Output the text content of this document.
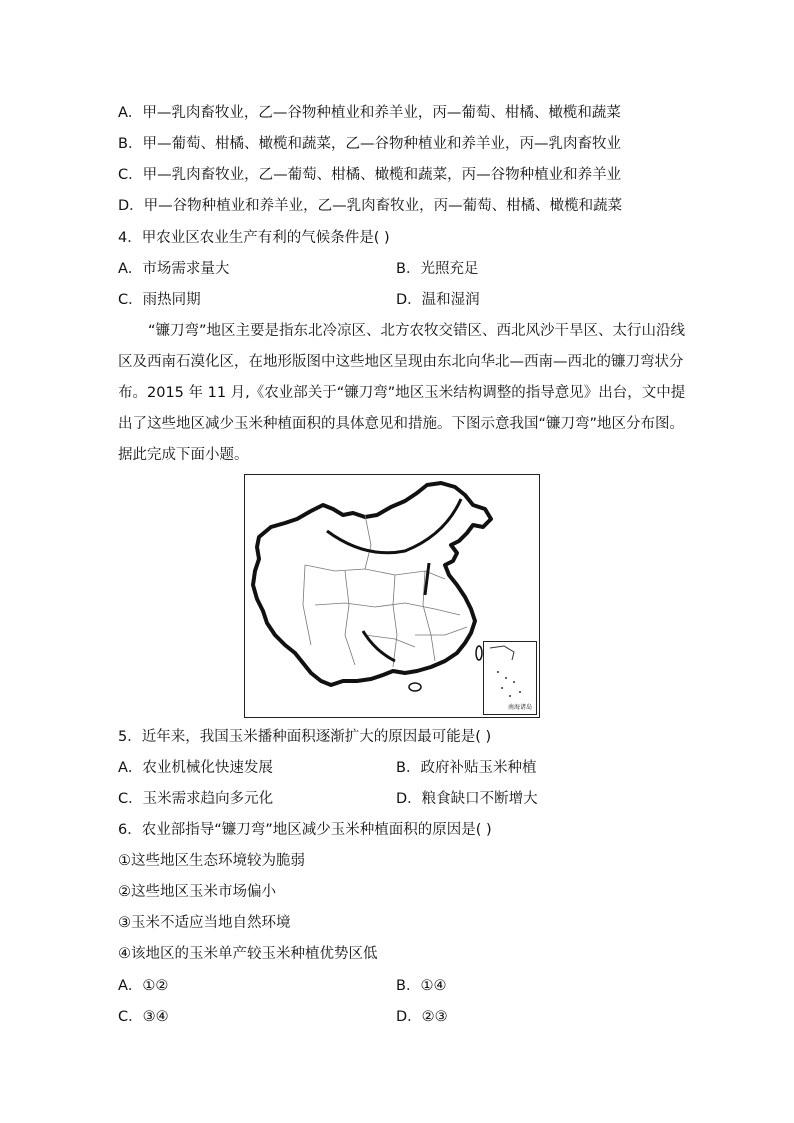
A．甲—乳肉畜牧业，乙—谷物种植业和养羊业，丙—葡萄、柑橘、橄榄和蔬菜
B．甲—葡萄、柑橘、橄榄和蔬菜，乙—谷物种植业和养羊业，丙—乳肉畜牧业
C．甲—乳肉畜牧业，乙—葡萄、柑橘、橄榄和蔬菜，丙—谷物种植业和养羊业
D．甲—谷物种植业和养羊业，乙—乳肉畜牧业，丙—葡萄、柑橘、橄榄和蔬菜
4．甲农业区农业生产有利的气候条件是( )
A．市场需求量大	B．光照充足
C．雨热同期	D．温和湿润
“镰刀弯”地区主要是指东北冷凉区、北方农牧交错区、西北风沙干旱区、太行山沿线
区及西南石漠化区，在地形版图中这些地区呈现由东北向华北—西南—西北的镰刀弯状分
布。2015 年 11 月,《农业部关于“镰刀弯”地区玉米结构调整的指导意见》出台，文中提
出了这些地区减少玉米种植面积的具体意见和措施。下图示意我国“镰刀弯”地区分布图。
据此完成下面小题。
南海诸岛
5．近年来，我国玉米播种面积逐渐扩大的原因最可能是( )
A．农业机械化快速发展	B．政府补贴玉米种植
C．玉米需求趋向多元化	D．粮食缺口不断增大
6．农业部指导“镰刀弯”地区减少玉米种植面积的原因是( )
①这些地区生态环境较为脆弱
②这些地区玉米市场偏小
③玉米不适应当地自然环境
④该地区的玉米单产较玉米种植优势区低
A．①②	B．①④
C．③④	D．②③
